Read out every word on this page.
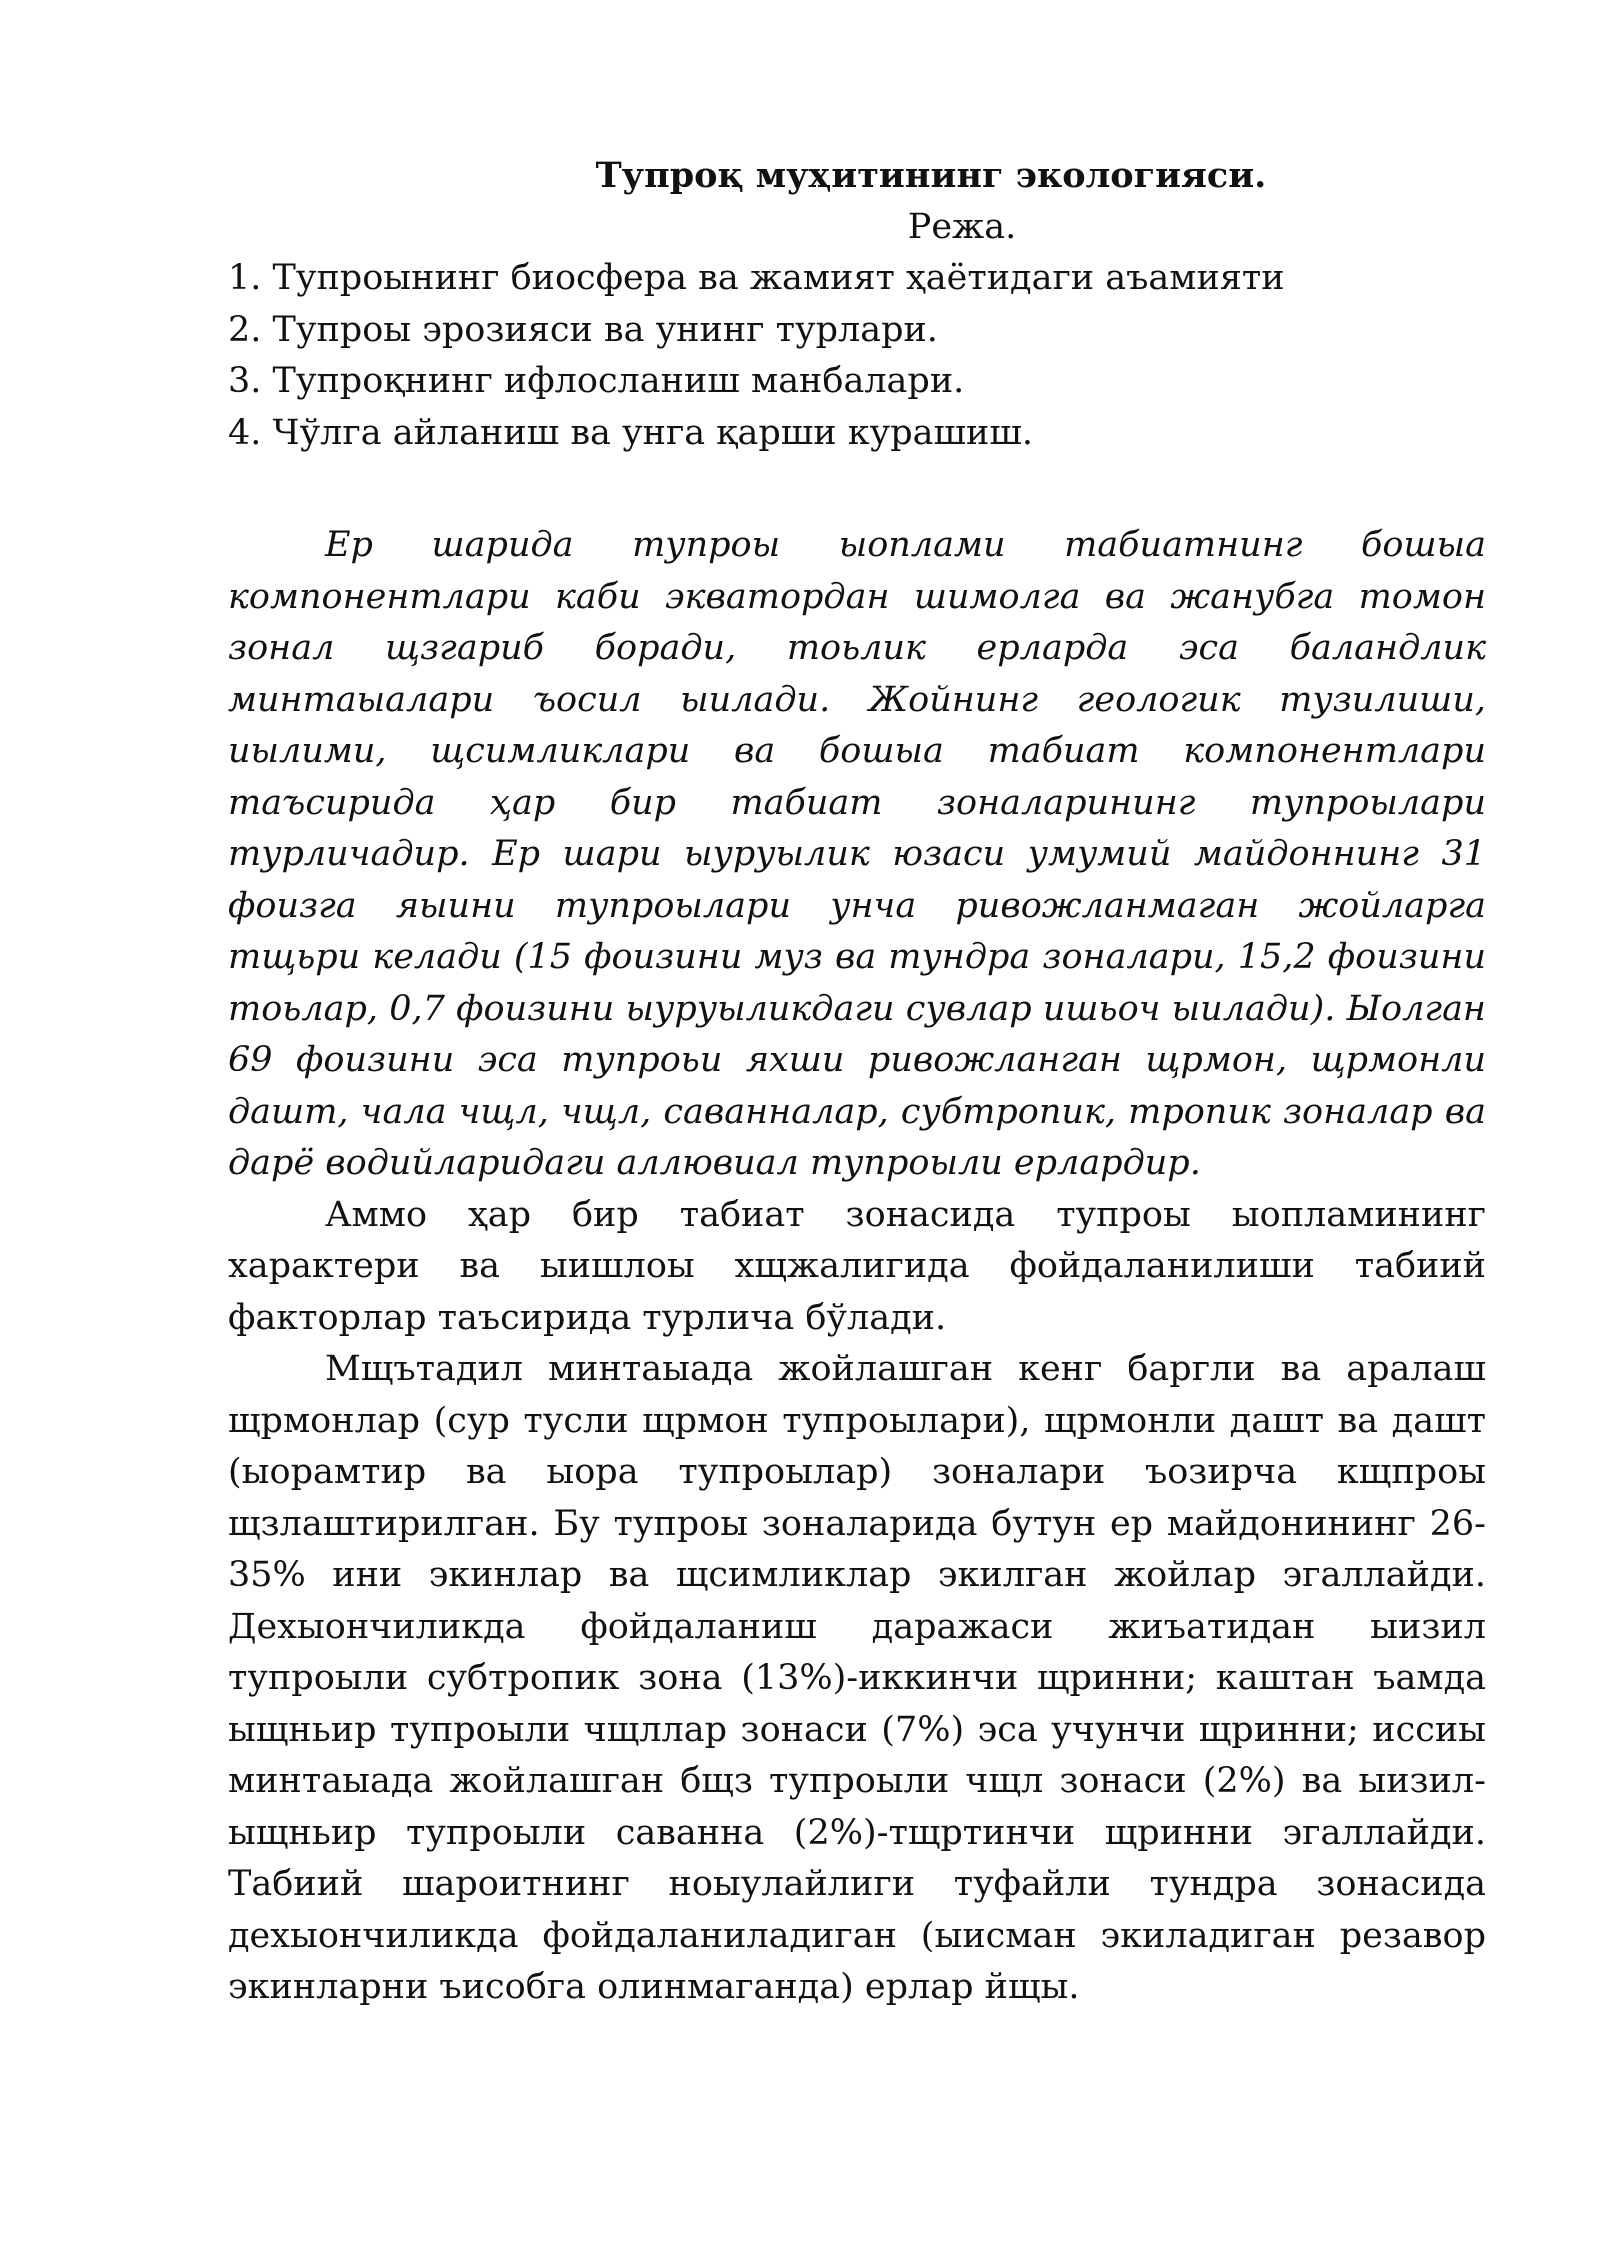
Тупроқ муҳитининг экологияси.

Режа.

1. Тупроынинг биосфера ва жамият ҳаётидаги аъамияти
2. Тупроы эрозияси ва унинг турлари.
3. Тупроқнинг ифлосланиш манбалари.
4. Чўлга айланиш ва унга қарши курашиш.

Ер шарида тупроы ыоплами табиатнинг бошыа компонентлари каби экватордан шимолга ва жанубга томон зонал щзгариб боради, тоьлик ерларда эса баландлик минтаыалари ъосил ыилади. Жойнинг геологик тузилиши, иылими, щсимликлари ва бошыа табиат компонентлари таъсирида ҳар бир табиат зоналарининг тупроылари турличадир. Ер шари ыуруылик юзаси умумий майдоннинг 31 фоизга яыини тупроылари унча ривожланмаган жойларга тщьри келади (15 фоизини муз ва тундра зоналари, 15,2 фоизини тоьлар, 0,7 фоизини ыуруыликдаги сувлар ишьоч ыилади). Ыолган 69 фоизини эса тупроьи яхши ривожланган щрмон, щрмонли дашт, чала чщл, чщл, саванналар, субтропик, тропик зоналар ва дарё водийларидаги аллювиал тупроыли ерлардир.

Аммо ҳар бир табиат зонасида тупроы ыопламининг характери ва ыишлоы хщжалигида фойдаланилиши табиий факторлар таъсирида турлича бўлади.

Мщътадил минтаыада жойлашган кенг баргли ва аралаш щрмонлар (сур тусли щрмон тупроылари), щрмонли дашт ва дашт (ыорамтир ва ыора тупроылар) зоналари ъозирча кщпроы щзлаштирилган. Бу тупроы зоналарида бутун ер майдонининг 26-35% ини экинлар ва щсимликлар экилган жойлар эгаллайди. Дехыончиликда фойдаланиш даражаси жиъатидан ыизил тупроыли субтропик зона (13%)-иккинчи щринни; каштан ъамда ыщньир тупроыли чщллар зонаси (7%) эса учунчи щринни; иссиы минтаыада жойлашган бщз тупроыли чщл зонаси (2%) ва ыизил-ыщньир тупроыли саванна (2%)-тщртинчи щринни эгаллайди. Табиий шароитнинг ноыулайлиги туфайли тундра зонасида дехыончиликда фойдаланиладиган (ыисман экиладиган резавор экинларни ъисобга олинмаганда) ерлар йщы.
